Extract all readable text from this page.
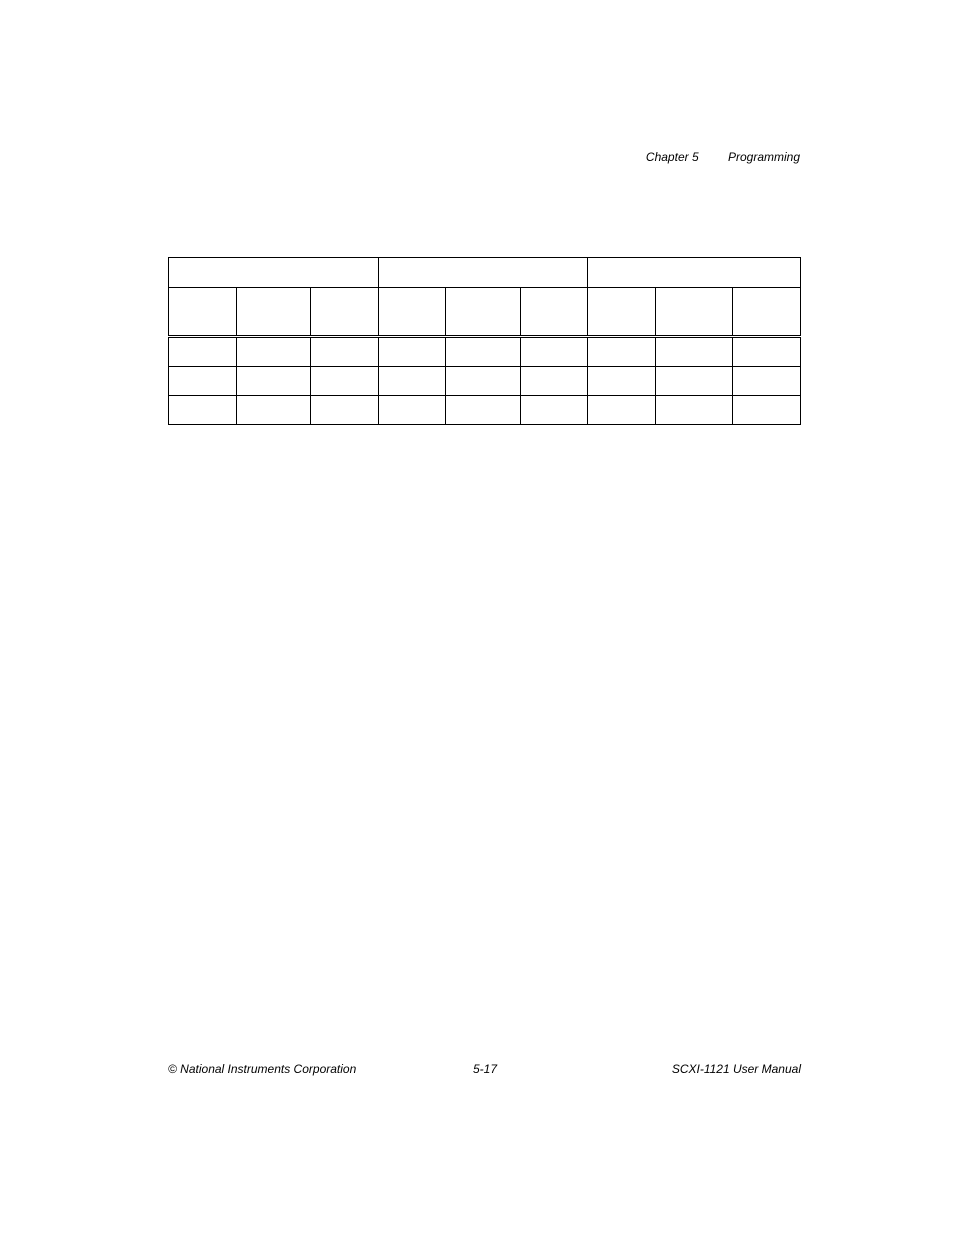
Chapter 5 Programming

© National Instruments Corporation	5-17	SCXI-1121 User Manual
